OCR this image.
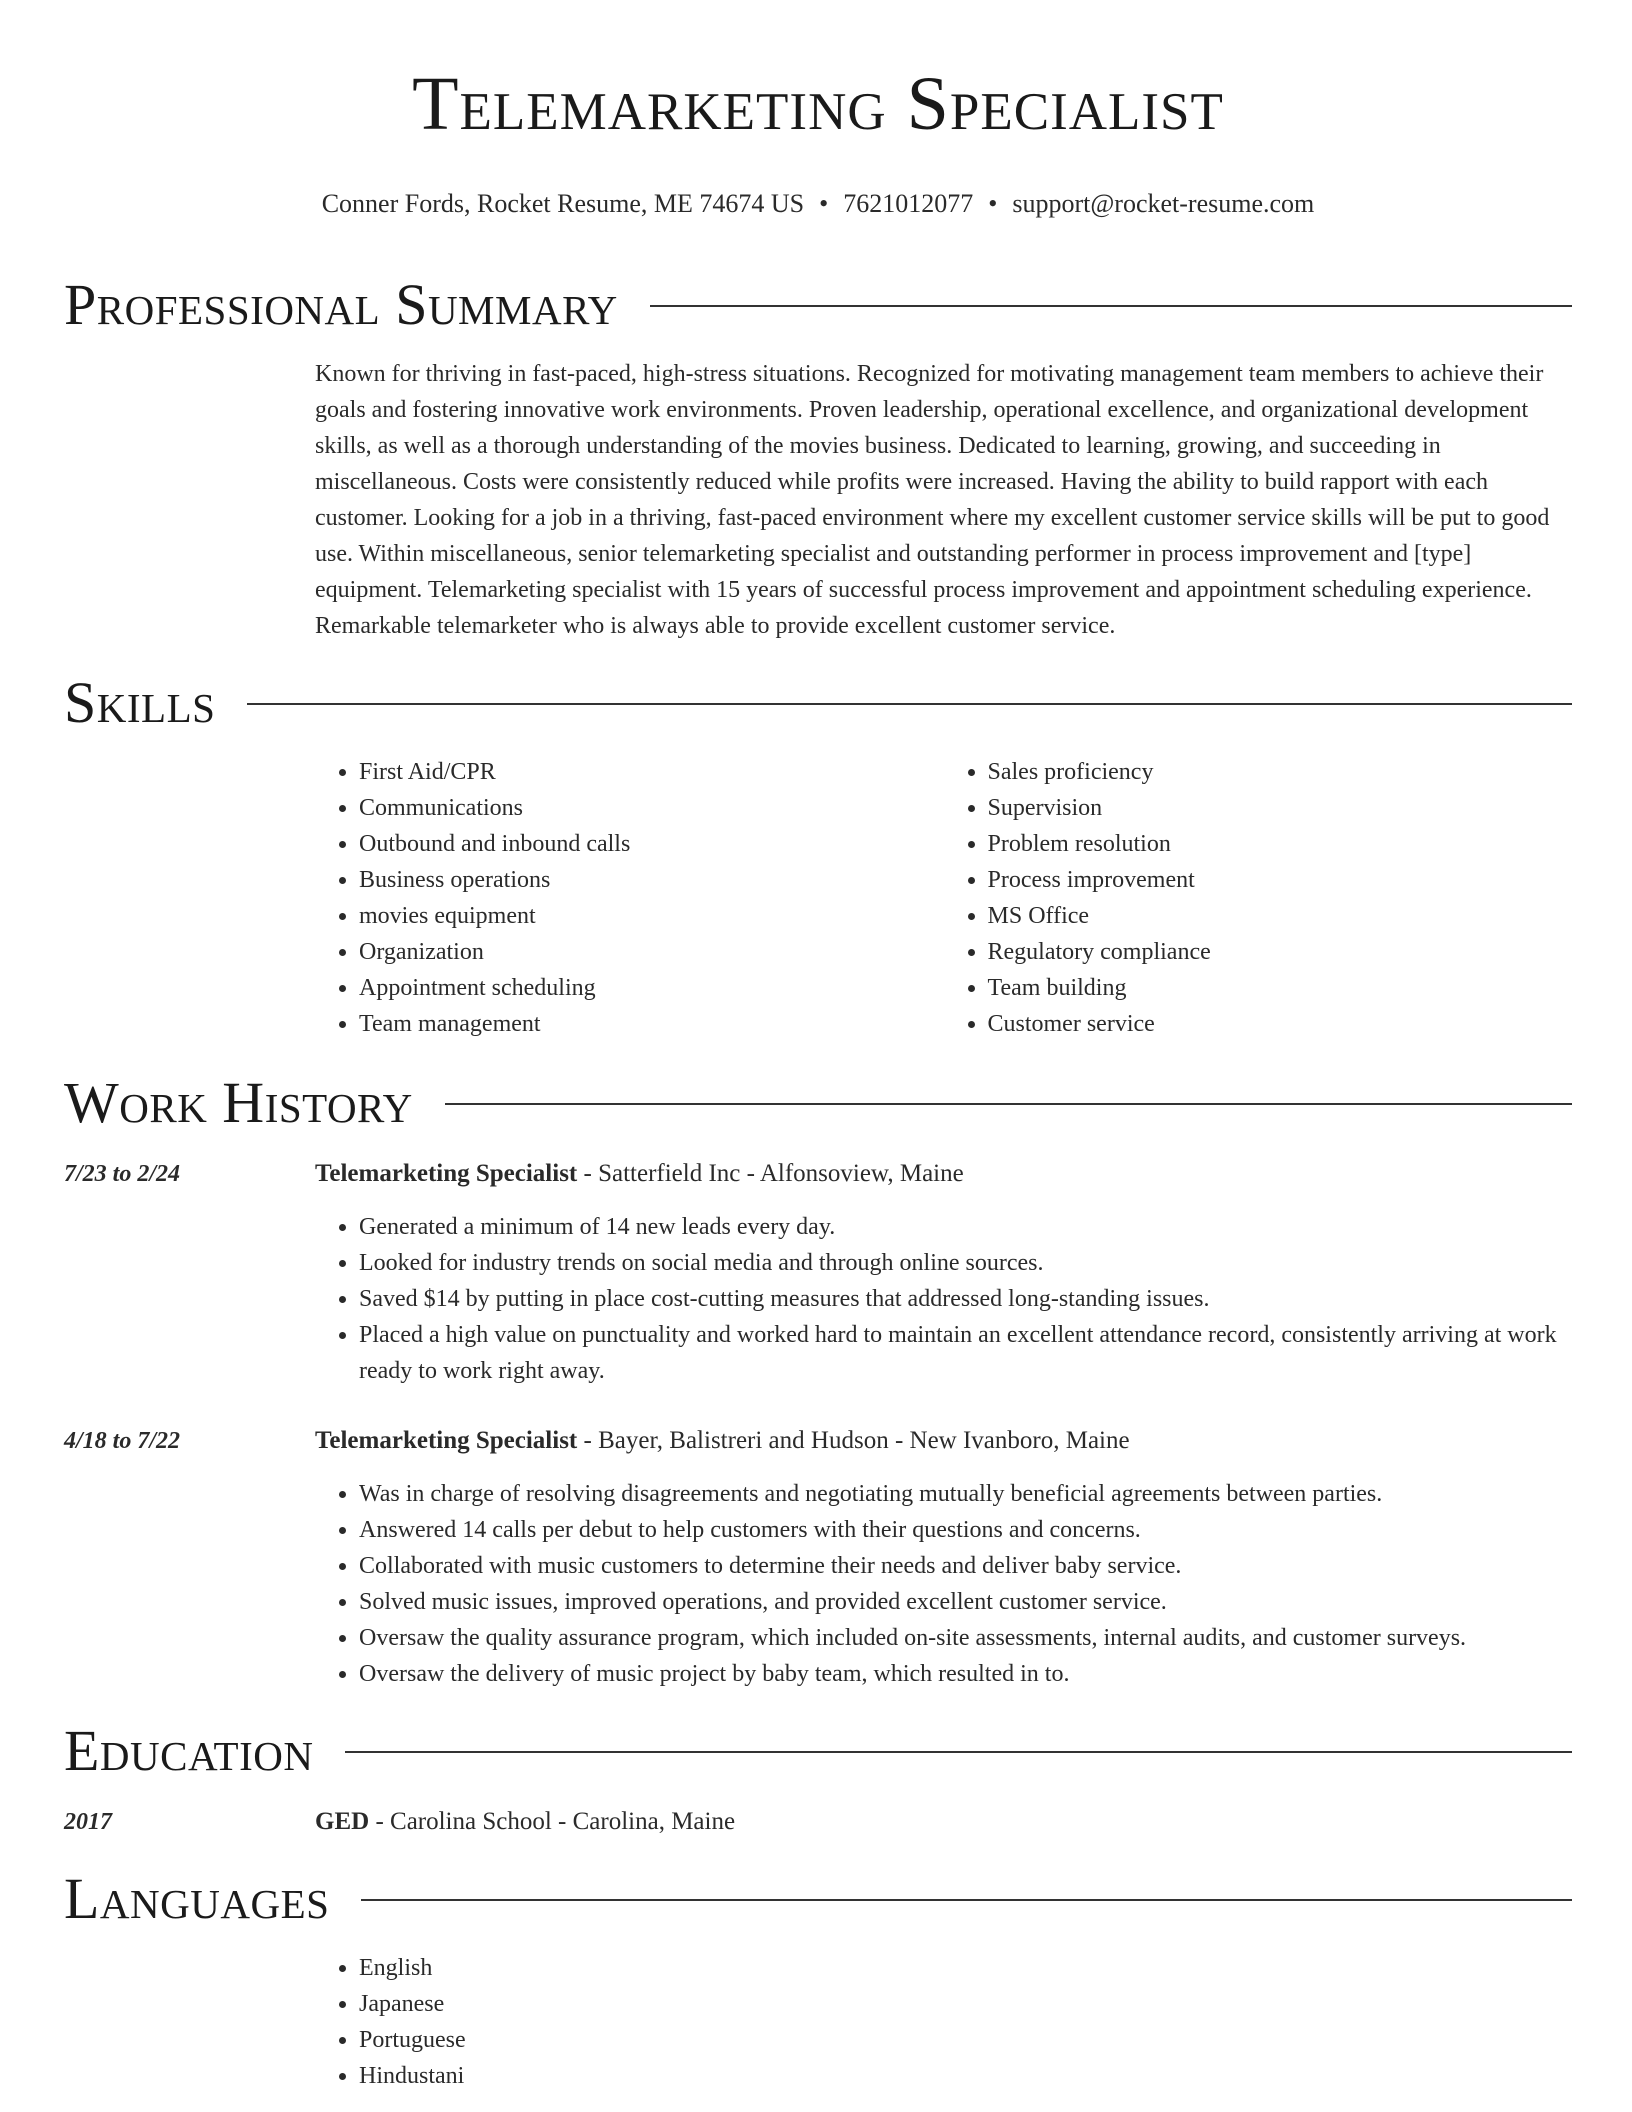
Telemarketing Specialist
Conner Fords, Rocket Resume, ME 74674 US • 7621012077 • support@rocket-resume.com
Professional Summary
Known for thriving in fast-paced, high-stress situations. Recognized for motivating management team members to achieve their goals and fostering innovative work environments. Proven leadership, operational excellence, and organizational development skills, as well as a thorough understanding of the movies business. Dedicated to learning, growing, and succeeding in miscellaneous. Costs were consistently reduced while profits were increased. Having the ability to build rapport with each customer. Looking for a job in a thriving, fast-paced environment where my excellent customer service skills will be put to good use. Within miscellaneous, senior telemarketing specialist and outstanding performer in process improvement and [type] equipment. Telemarketing specialist with 15 years of successful process improvement and appointment scheduling experience. Remarkable telemarketer who is always able to provide excellent customer service.
Skills
• First Aid/CPR
• Communications
• Outbound and inbound calls
• Business operations
• movies equipment
• Organization
• Appointment scheduling
• Team management
• Sales proficiency
• Supervision
• Problem resolution
• Process improvement
• MS Office
• Regulatory compliance
• Team building
• Customer service
Work History
7/23 to 2/24	Telemarketing Specialist - Satterfield Inc - Alfonsoview, Maine
• Generated a minimum of 14 new leads every day.
• Looked for industry trends on social media and through online sources.
• Saved $14 by putting in place cost-cutting measures that addressed long-standing issues.
• Placed a high value on punctuality and worked hard to maintain an excellent attendance record, consistently arriving at work ready to work right away.
4/18 to 7/22	Telemarketing Specialist - Bayer, Balistreri and Hudson - New Ivanboro, Maine
• Was in charge of resolving disagreements and negotiating mutually beneficial agreements between parties.
• Answered 14 calls per debut to help customers with their questions and concerns.
• Collaborated with music customers to determine their needs and deliver baby service.
• Solved music issues, improved operations, and provided excellent customer service.
• Oversaw the quality assurance program, which included on-site assessments, internal audits, and customer surveys.
• Oversaw the delivery of music project by baby team, which resulted in to.
Education
2017	GED - Carolina School - Carolina, Maine
Languages
• English
• Japanese
• Portuguese
• Hindustani
